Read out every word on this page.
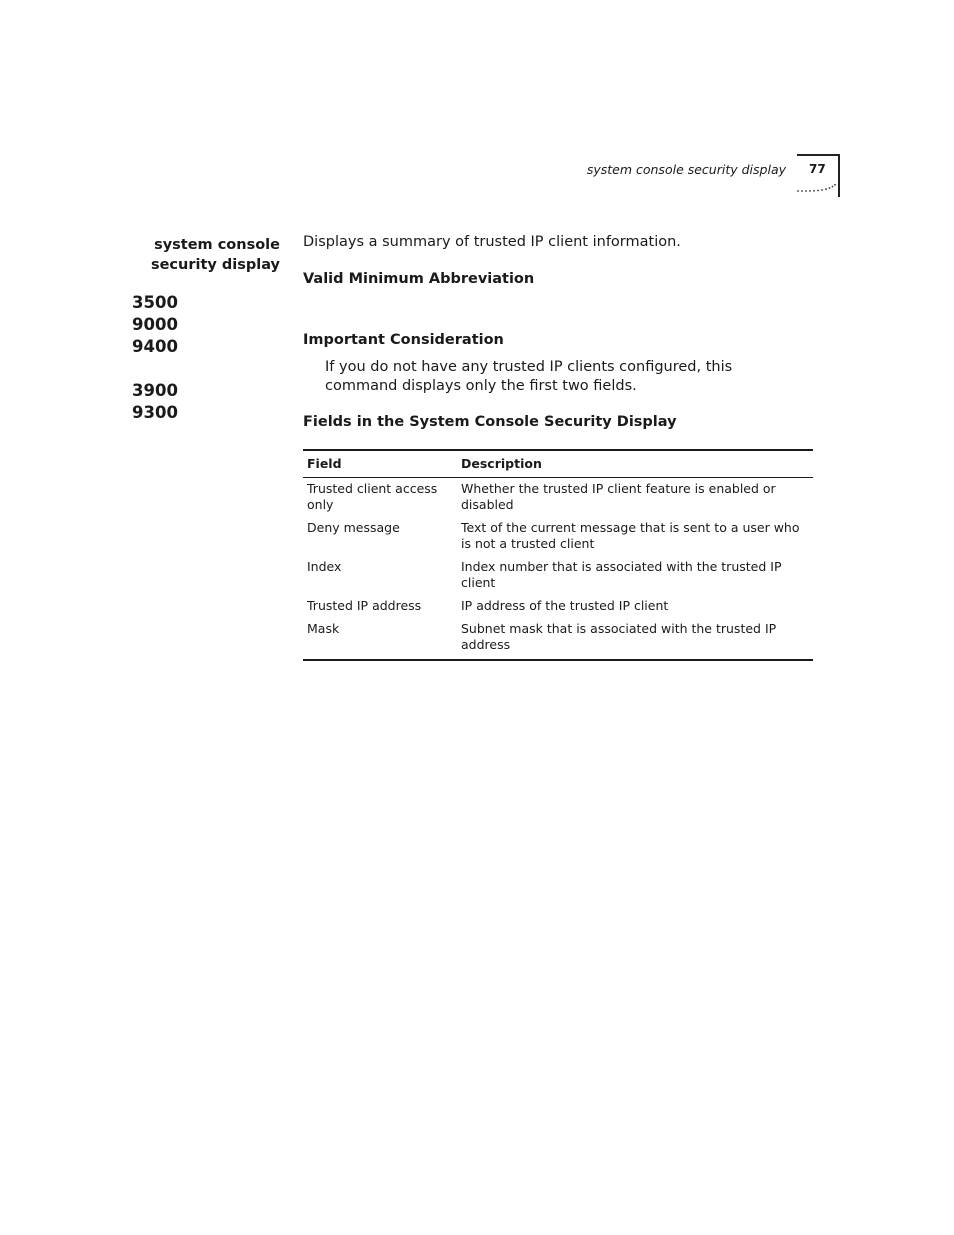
system console security display 77
system console
security display
3500
9000
9400
3900
9300
Displays a summary of trusted IP client information.
Valid Minimum Abbreviation
Important Consideration
If you do not have any trusted IP clients configured, this command displays only the first two fields.
Fields in the System Console Security Display
Field	Description
Trusted client access only	Whether the trusted IP client feature is enabled or disabled
Deny message	Text of the current message that is sent to a user who is not a trusted client
Index	Index number that is associated with the trusted IP client
Trusted IP address	IP address of the trusted IP client
Mask	Subnet mask that is associated with the trusted IP address
